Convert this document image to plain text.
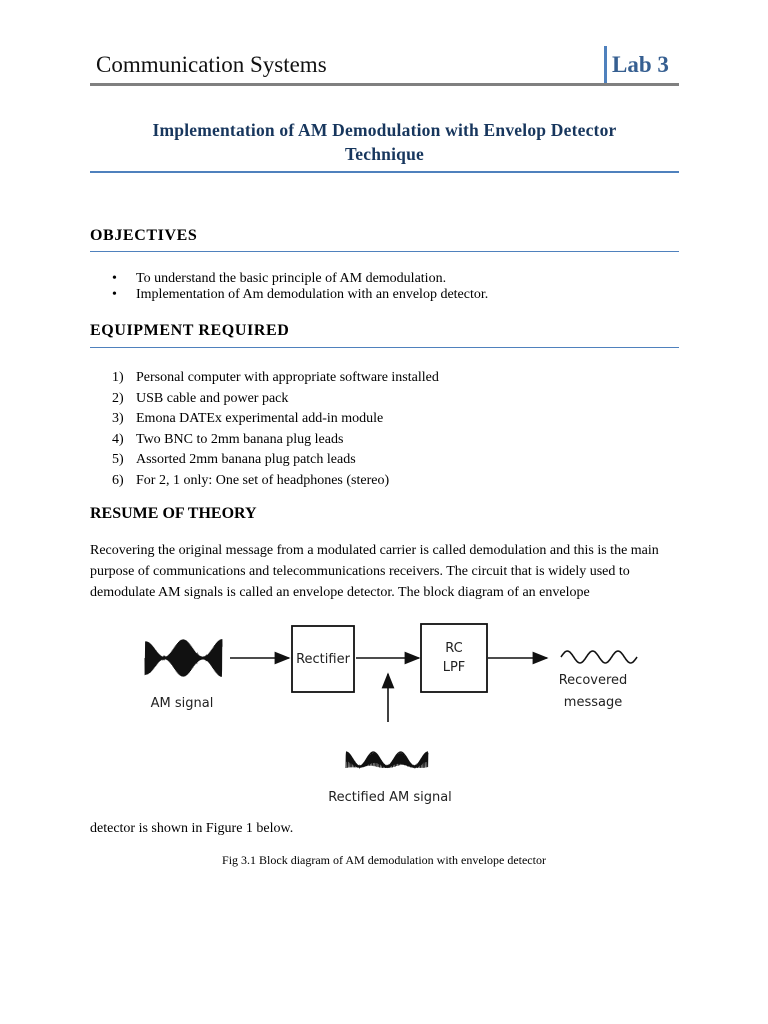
Communication Systems	Lab 3
Implementation of AM Demodulation with Envelop Detector
Technique
OBJECTIVES
• To understand the basic principle of AM demodulation.
• Implementation of Am demodulation with an envelop detector.
EQUIPMENT REQUIRED
1) Personal computer with appropriate software installed
2) USB cable and power pack
3) Emona DATEx experimental add-in module
4) Two BNC to 2mm banana plug leads
5) Assorted 2mm banana plug patch leads
6) For 2, 1 only: One set of headphones (stereo)
RESUME OF THEORY
Recovering the original message from a modulated carrier is called demodulation and this is the main purpose of communications and telecommunications receivers. The circuit that is widely used to demodulate AM signals is called an envelope detector. The block diagram of an envelope
Rectifier
RC
LPF
AM signal
Recovered
message
Rectified AM signal
detector is shown in Figure 1 below.
Fig 3.1 Block diagram of AM demodulation with envelope detector
